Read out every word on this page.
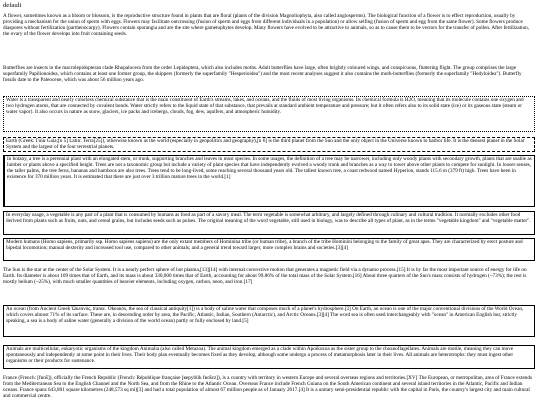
default

A flower, sometimes known as a bloom or blossom, is the reproductive structure found in plants that are floral (plants of the division Magnoliophyta, also called angiosperms). The biological function of a flower is to effect reproduction, usually by providing a mechanism for the union of sperm with eggs. Flowers may facilitate outcrossing (fusion of sperm and eggs from different individuals in a population) or allow selfing (fusion of sperm and egg from the same flower). Some flowers produce diaspores without fertilization (parthenocarpy). Flowers contain sporangia and are the site where gametophytes develop. Many flowers have evolved to be attractive to animals, so as to cause them to be vectors for the transfer of pollen. After fertilization, the ovary of the flower develops into fruit containing seeds.

Butterflies are insects in the macrolepidopteran clade Rhopalocera from the order Lepidoptera, which also includes moths. Adult butterflies have large, often brightly coloured wings, and conspicuous, fluttering flight. The group comprises the large superfamily Papilionoidea, which contains at least one former group, the skippers (formerly the superfamily "Hesperioidea") and the most recent analyses suggest it also contains the moth-butterflies (formerly the superfamily "Hedyloidea"). Butterfly fossils date to the Paleocene, which was about 56 million years ago.

Water is a transparent and nearly colorless chemical substance that is the main constituent of Earth's streams, lakes, and oceans, and the fluids of most living organisms. Its chemical formula is H2O, meaning that its molecule contains one oxygen and two hydrogen atoms, that are connected by covalent bonds. Water strictly refers to the liquid state of that substance, that prevails at standard ambient temperature and pressure; but it often refers also to its solid state (ice) or its gaseous state (steam or water vapor). It also occurs in nature as snow, glaciers, ice packs and icebergs, clouds, fog, dew, aquifers, and atmospheric humidity.

Earth (Greek: Γαῖα Gaia;[n 5] Latin: Terra[25]), otherwise known as the world (especially in geopolitics and geography),[n 6] is the third planet from the Sun and the only object in the Universe known to harbor life. It is the densest planet in the Solar System and the largest of the four terrestrial planets.

In botany, a tree is a perennial plant with an elongated stem, or trunk, supporting branches and leaves in most species. In some usages, the definition of a tree may be narrower, including only woody plants with secondary growth, plants that are usable as lumber or plants above a specified height. Trees are not a taxonomic group but include a variety of plant species that have independently evolved a woody trunk and branches as a way to tower above other plants to compete for sunlight. In looser senses, the taller palms, the tree ferns, bananas and bamboos are also trees. Trees tend to be long-lived, some reaching several thousand years old. The tallest known tree, a coast redwood named Hyperion, stands 115.6 m (379 ft) high. Trees have been in existence for 370 million years. It is estimated that there are just over 3 trillion mature trees in the world.[1]

In everyday usage, a vegetable is any part of a plant that is consumed by humans as food as part of a savory meal. The term vegetable is somewhat arbitrary, and largely defined through culinary and cultural tradition. It normally excludes other food derived from plants such as fruits, nuts, and cereal grains, but includes seeds such as pulses. The original meaning of the word vegetable, still used in biology, was to describe all types of plant, as in the terms "vegetable kingdom" and "vegetable matter".

Modern humans (Homo sapiens, primarily ssp. Homo sapiens sapiens) are the only extant members of Hominina tribe (or human tribe), a branch of the tribe Hominini belonging to the family of great apes. They are characterized by erect posture and bipedal locomotion; manual dexterity and increased tool use, compared to other animals; and a general trend toward larger, more complex brains and societies.[3][4]

The Sun is the star at the center of the Solar System. It is a nearly perfect sphere of hot plasma,[13][14] with internal convective motion that generates a magnetic field via a dynamo process.[15] It is by far the most important source of energy for life on Earth. Its diameter is about 109 times that of Earth, and its mass is about 330,000 times that of Earth, accounting for about 99.86% of the total mass of the Solar System.[16] About three quarters of the Sun's mass consists of hydrogen (~73%); the rest is mostly helium (~25%), with much smaller quantities of heavier elements, including oxygen, carbon, neon, and iron.[17]

An ocean (from Ancient Greek Ὠκεανός, transc. Okeanós, the sea of classical antiquity[1]) is a body of saline water that composes much of a planet's hydrosphere.[2] On Earth, an ocean is one of the major conventional divisions of the World Ocean, which covers almost 71% of its surface. These are, in descending order by area, the Pacific, Atlantic, Indian, Southern (Antarctic), and Arctic Oceans.[3][4] The word sea is often used interchangeably with "ocean" in American English but, strictly speaking, a sea is a body of saline water (generally a division of the world ocean) partly or fully enclosed by land.[5]

Animals are multicellular, eukaryotic organisms of the kingdom Animalia (also called Metazoa). The animal kingdom emerged as a clade within Apoikozoa as the sister group to the choanoflagellates. Animals are motile, meaning they can move spontaneously and independently at some point in their lives. Their body plan eventually becomes fixed as they develop, although some undergo a process of metamorphosis later in their lives. All animals are heterotrophs: they must ingest other organisms or their products for sustenance.

France (French: [fʁɑ̃s]), officially the French Republic (French: République française [ʁepyblik fʁɑ̃sɛz]), is a country with territory in western Europe and several overseas regions and territories.[XV] The European, or metropolitan, area of France extends from the Mediterranean Sea to the English Channel and the North Sea, and from the Rhine to the Atlantic Ocean. Overseas France include French Guiana on the South American continent and several island territories in the Atlantic, Pacific and Indian oceans. France spans 643,801 square kilometres (248,573 sq mi)[3] and had a total population of almost 67 million people as of January 2017.[4] It is a unitary semi-presidential republic with the capital in Paris, the country's largest city and main cultural and commercial centre.
